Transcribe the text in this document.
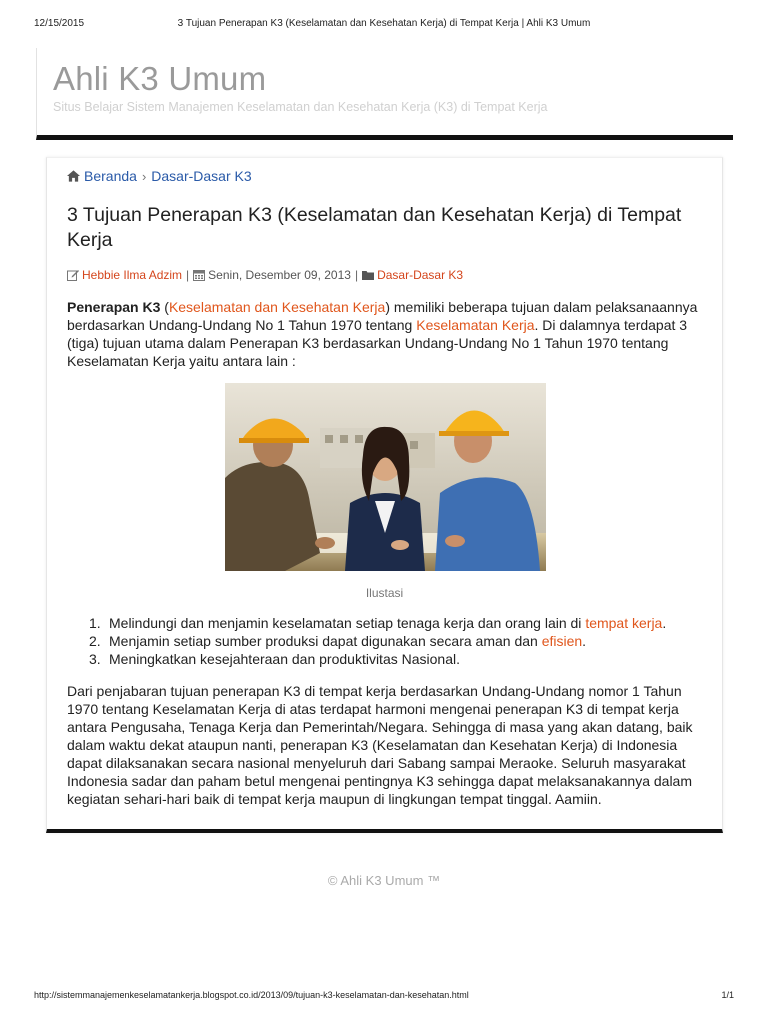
12/15/2015	3 Tujuan Penerapan K3 (Keselamatan dan Kesehatan Kerja) di Tempat Kerja | Ahli K3 Umum
Ahli K3 Umum
Situs Belajar Sistem Manajemen Keselamatan dan Kesehatan Kerja (K3) di Tempat Kerja
Beranda › Dasar-Dasar K3
3 Tujuan Penerapan K3 (Keselamatan dan Kesehatan Kerja) di Tempat Kerja
Hebbie Ilma Adzim | Senin, Desember 09, 2013 | Dasar-Dasar K3

Penerapan K3 (Keselamatan dan Kesehatan Kerja) memiliki beberapa tujuan dalam pelaksanaannya berdasarkan Undang-Undang No 1 Tahun 1970 tentang Keselamatan Kerja. Di dalamnya terdapat 3 (tiga) tujuan utama dalam Penerapan K3 berdasarkan Undang-Undang No 1 Tahun 1970 tentang Keselamatan Kerja yaitu antara lain :

Ilustasi
1. Melindungi dan menjamin keselamatan setiap tenaga kerja dan orang lain di tempat kerja.
2. Menjamin setiap sumber produksi dapat digunakan secara aman dan efisien.
3. Meningkatkan kesejahteraan dan produktivitas Nasional.

Dari penjabaran tujuan penerapan K3 di tempat kerja berdasarkan Undang-Undang nomor 1 Tahun 1970 tentang Keselamatan Kerja di atas terdapat harmoni mengenai penerapan K3 di tempat kerja antara Pengusaha, Tenaga Kerja dan Pemerintah/Negara. Sehingga di masa yang akan datang, baik dalam waktu dekat ataupun nanti, penerapan K3 (Keselamatan dan Kesehatan Kerja) di Indonesia dapat dilaksanakan secara nasional menyeluruh dari Sabang sampai Meraoke. Seluruh masyarakat Indonesia sadar dan paham betul mengenai pentingnya K3 sehingga dapat melaksanakannya dalam kegiatan sehari-hari baik di tempat kerja maupun di lingkungan tempat tinggal. Aamiin.

© Ahli K3 Umum ™
http://sistemmanajemenkeselamatankerja.blogspot.co.id/2013/09/tujuan-k3-keselamatan-dan-kesehatan.html	1/1
